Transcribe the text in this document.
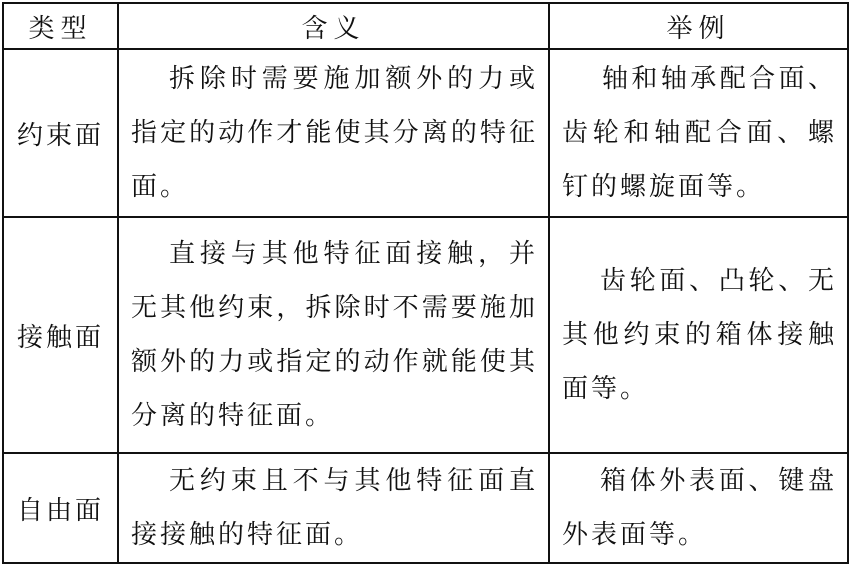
类型	含义	举例
约束面	拆除时需要施加额外的力或指定的动作才能使其分离的特征面。	轴和轴承配合面、齿轮和轴配合面、螺钉的螺旋面等。

接触面	直接与其他特征面接触，并无其他约束，拆除时不需要施加额外的力或指定的动作就能使其分离的特征面。	齿轮面、凸轮、无其他约束的箱体接触面等。

自由面	无约束且不与其他特征面直接接触的特征面。	箱体外表面、键盘外表面等。
